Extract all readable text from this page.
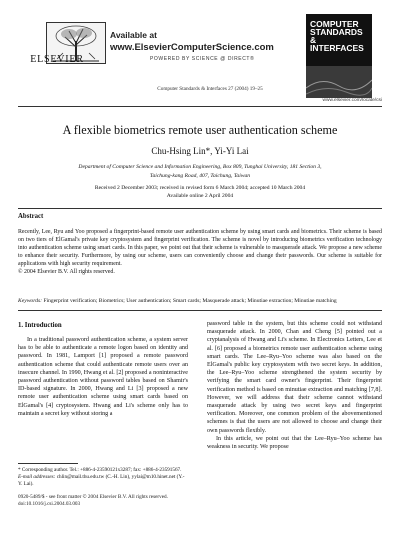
ELSEVIER
Available at
www.ElsevierComputerScience.com
POWERED BY SCIENCE @ DIRECT®
Computer Standards & Interfaces 27 (2004) 19–25
COMPUTER
STANDARDS
& INTERFACES
www.elsevier.com/locate/csi
A flexible biometrics remote user authentication scheme
Chu-Hsing Lin*, Yi-Yi Lai
Department of Computer Science and Information Engineering, Box 809, Tunghai University, 181 Section 3,
Taichung-kang Road, 407, Taichung, Taiwan
Received 2 December 2003; received in revised form 6 March 2004; accepted 10 March 2004
Available online 2 April 2004
Abstract
Recently, Lee, Ryu and Yoo proposed a fingerprint-based remote user authentication scheme by using smart cards and biometrics. Their scheme is based on two tiers of ElGamal's private key cryptosystem and fingerprint verification. The scheme is novel by introducing biometrics verification technology into authentication scheme using smart cards. In this paper, we point out that their scheme is vulnerable to masquerade attack. We propose a new scheme to enhance their security. Furthermore, by using our scheme, users can conveniently choose and change their passwords. Our scheme is suitable for applications with high security requirement.
© 2004 Elsevier B.V. All rights reserved.
Keywords: Fingerprint verification; Biometrics; User authentication; Smart cards; Masquerade attack; Minutiae extraction; Minutiae matching
1. Introduction

In a traditional password authentication scheme, a system server has to be able to authenticate a remote logon based on identity and password. In 1981, Lamport [1] proposed a remote password authentication scheme that could authenticate remote users over an insecure channel. In 1990, Hwang et al. [2] proposed a noninteractive password authentication without password tables based on Shamir's ID-based signature. In 2000, Hwang and Li [3] proposed a new remote user authentication scheme using smart cards based on ElGamal's [4] cryptosystem. Hwang and Li's scheme only has to maintain a secret key without storing a

password table in the system, but this scheme could not withstand masquerade attack. In 2000, Chan and Cheng [5] pointed out a cryptanalysis of Hwang and Li's scheme. In Electronics Letters, Lee et al. [6] proposed a biometrics remote user authentication scheme using smart cards. The Lee–Ryu–Yoo scheme was also based on the ElGamal's public key cryptosystem with two secret keys. In addition, the Lee–Ryu–Yoo scheme strengthened the system security by verifying the smart card owner's fingerprint. Their fingerprint verification method is based on minutiae extraction and matching [7,8]. However, we will address that their scheme cannot withstand masquerade attack by using two secret keys and fingerprint verification. Moreover, one common problem of the abovementioned schemes is that the users are not allowed to choose and change their own passwords flexibly.

In this article, we point out that the Lee–Ryu–Yoo scheme has weakness in security. We propose

* Corresponding author. Tel.: +886-4-23590121x3287; fax: +886-4-23591567.
E-mail addresses: chlin@mail.thu.edu.tw (C.-H. Lin), yylai@m10.hinet.net (Y.-Y. Lai).
0920-5489/$ - see front matter © 2004 Elsevier B.V. All rights reserved.
doi:10.1016/j.csi.2004.03.003
